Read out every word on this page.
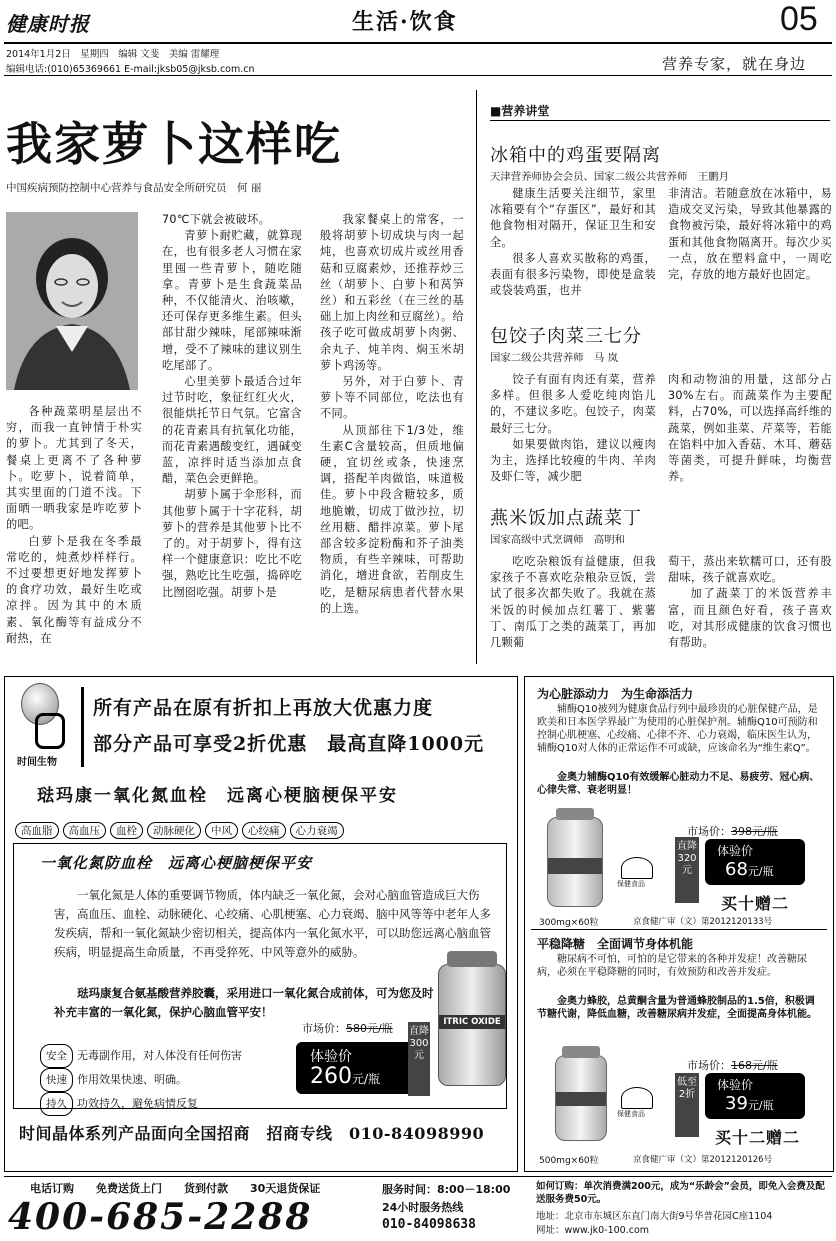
健康时报	生活·饮食	05
2014年1月2日　星期四　编辑 文斐　美编 雷耀理
编辑电话:(010)65369661 E-mail:jksb05@jksb.com.cn	营养专家，就在身边
我家萝卜这样吃
中国疾病预防控制中心营养与食品安全所研究员　何 丽

各种蔬菜明星层出不穷，而我一直钟情于朴实的萝卜。尤其到了冬天，餐桌上更离不了各种萝卜。吃萝卜，说着简单，其实里面的门道不浅。下面晒一晒我家是咋吃萝卜的吧。

白萝卜是我在冬季最常吃的，炖煮炒样样行。不过要想更好地发挥萝卜的食疗功效，最好生吃或凉拌。因为其中的木质素、氧化酶等有益成分不耐热，在

70℃下就会被破坏。

青萝卜耐贮藏，就算现在，也有很多老人习惯在家里囤一些青萝卜，随吃随拿。青萝卜是生食蔬菜品种，不仅能清火、治咳嗽，还可保存更多维生素。但头部甘甜少辣味，尾部辣味渐增，受不了辣味的建议别生吃尾部了。

心里美萝卜最适合过年过节时吃，象征红红火火，很能烘托节日气氛。它富含的花青素具有抗氧化功能，而花青素遇酸变红，遇碱变蓝，凉拌时适当添加点食醋，菜色会更鲜艳。

胡萝卜属于伞形科，而其他萝卜属于十字花科，胡萝卜的营养是其他萝卜比不了的。对于胡萝卜，得有这样一个健康意识：吃比不吃强，熟吃比生吃强，捣碎吃比囫囵吃强。胡萝卜是

我家餐桌上的常客，一般将胡萝卜切成块与肉一起炖，也喜欢切成片或丝用香菇和豆腐素炒，还推荐炒三丝（胡萝卜、白萝卜和莴笋丝）和五彩丝（在三丝的基础上加上肉丝和豆腐丝）。给孩子吃可做成胡萝卜肉粥、余丸子、炖羊肉、焖玉米胡萝卜鸡汤等。

另外，对于白萝卜、青萝卜等不同部位，吃法也有不同。

从顶部往下1/3处，维生素C含量较高，但质地偏硬，宜切丝或条，快速烹调，搭配羊肉做馅，味道极佳。萝卜中段含糖较多，质地脆嫩，切成丁做沙拉，切丝用糖、醋拌凉菜。萝卜尾部含较多淀粉酶和芥子油类物质，有些辛辣味，可帮助消化，增进食欲，若削皮生吃，是糖尿病患者代替水果的上选。

■营养讲堂
冰箱中的鸡蛋要隔离
天津营养师协会会员、国家二级公共营养师　王鹏月

健康生活要关注细节，家里冰箱要有个“存蛋区”，最好和其他食物相对隔开，保证卫生和安全。

很多人喜欢买散称的鸡蛋，表面有很多污染物，即使是盒装或袋装鸡蛋，也并

非清洁。若随意放在冰箱中，易造成交叉污染，导致其他暴露的食物被污染，最好将冰箱中的鸡蛋和其他食物隔离开。每次少买一点，放在塑料盒中，一周吃完，存放的地方最好也固定。

包饺子肉菜三七分
国家二级公共营养师　马 岚

饺子有面有肉还有菜，营养多样。但很多人爱吃纯肉馅儿的，不建议多吃。包饺子，肉菜最好三七分。

如果要做肉馅，建议以瘦肉为主，选择比较瘦的牛肉、羊肉及虾仁等，减少肥

肉和动物油的用量，这部分占30%左右。而蔬菜作为主要配料，占70%，可以选择高纤维的蔬菜，例如韭菜、芹菜等，若能在馅料中加入香菇、木耳、蘑菇等菌类，可提升鲜味，均衡营养。

燕米饭加点蔬菜丁
国家高级中式烹调师　高明和

吃吃杂粮饭有益健康，但我家孩子不喜欢吃杂粮杂豆饭，尝试了很多次都失败了。我就在蒸米饭的时候加点红薯丁、紫薯丁、南瓜丁之类的蔬菜丁，再加几颗葡

萄干，蒸出来软糯可口，还有股甜味，孩子就喜欢吃。

加了蔬菜丁的米饭营养丰富，而且颜色好看，孩子喜欢吃，对其形成健康的饮食习惯也有帮助。

时间生物
所有产品在原有折扣上再放大优惠力度
部分产品可享受2折优惠　最高直降1000元
琺玛康一氧化氮血栓　远离心梗脑梗保平安
高血脂 高血压 血栓 动脉硬化 中风 心绞痛 心力衰竭
一氧化氮防血栓　远离心梗脑梗保平安
一氧化氮是人体的重要调节物质，体内缺乏一氧化氮，会对心脑血管造成巨大伤害，高血压、血栓、动脉硬化、心绞痛、心肌梗塞、心力衰竭、脑中风等等中老年人多发疾病，帮和一氧化氮缺少密切相关，提高体内一氧化氮水平，可以助您远离心脑血管疾病，明显提高生命质量，不再受猝死、中风等意外的威胁。
琺玛康复合氨基酸营养胶囊，采用进口一氧化氮合成前体，可为您及时补充丰富的一氧化氮，保护心脑血管平安！
安全 无毒副作用，对人体没有任何伤害
快速 作用效果快速、明确。
持久 功效持久，避免病情反复
市场价：580元/瓶
体验价
260元/瓶
直降300元
ITRIC OXIDE
时间晶体系列产品面向全国招商　招商专线　010-84098990
为心脏添动力　为生命添活力
辅酶Q10被列为健康食品行列中最珍贵的心脏保健产品，是欧美和日本医学界最广为使用的心脏保护剂。辅酶Q10可预防和控制心肌梗塞、心绞痛、心律不齐、心力衰竭，临床医生认为，辅酶Q10对人体的正常运作不可或缺，应该命名为“维生素Q”。
金奥力辅酶Q10有效缓解心脏动力不足、易疲劳、冠心病、心律失常、衰老明显！
保健食品
直降320元
市场价：398元/瓶
体验价
68元/瓶
买十赠二
300mg×60粒	京食健广审（文）第2012120133号
平稳降糖　全面调节身体机能
糖尿病不可怕，可怕的是它带来的各种并发症！改善糖尿病，必须在平稳降糖的同时，有效预防和改善并发症。
金奥力蜂胶，总黄酮含量为普通蜂胶制品的1.5倍，积极调节糖代谢，降低血糖，改善糖尿病并发症，全面提高身体机能。
保健食品
低至2折
市场价：168元/瓶
体验价
39元/瓶
买十二赠二
500mg×60粒	京食健广审（文）第2012120126号
电话订购　　免费送货上门　　货到付款　　30天退货保证
400-685-2288
服务时间：8:00－18:00
24小时服务热线
010-84098638
如何订购：单次消费满200元，成为“乐龄会”会员，即免入会费及配送服务费50元。
地址：北京市东城区东直门南大街9号华普花园C座1104
网址：www.jk0-100.com
